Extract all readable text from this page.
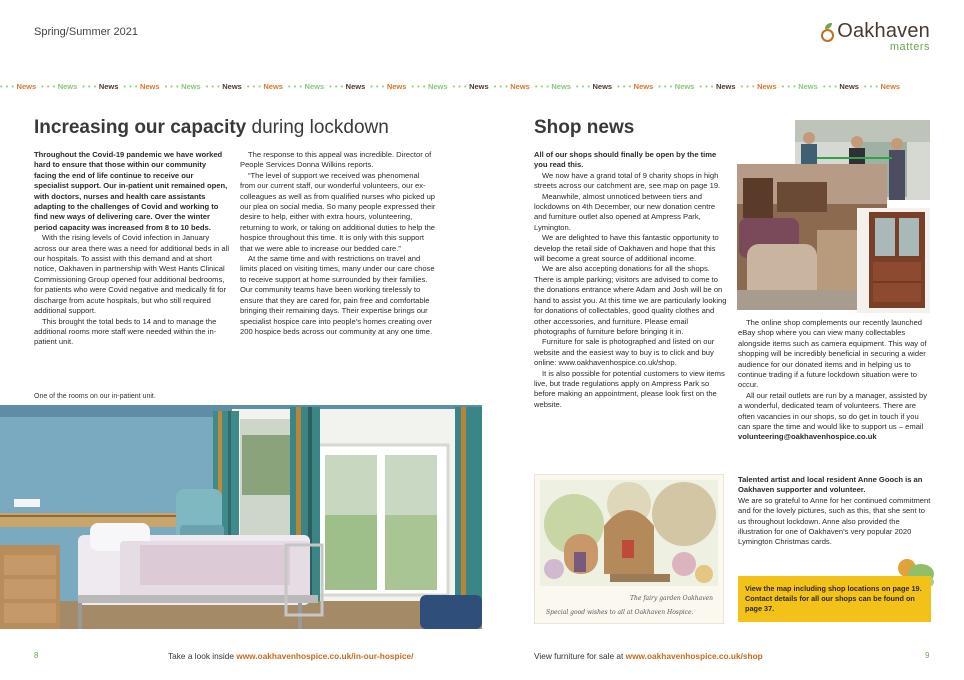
Spring/Summer 2021	Oakhaven
matters
• • • News • • • News • • • News • • • News • • • News • • • News • • • News • • • News • • • News • • • News • • • News • • • News • • • News • • • News • • • News • • • News • • • News • • • News • • • News • • • News • • • News • • • News
Increasing our capacity during lockdown

Throughout the Covid-19 pandemic we have worked hard to ensure that those within our community facing the end of life continue to receive our specialist support. Our in-patient unit remained open, with doctors, nurses and health care assistants adapting to the challenges of Covid and working to find new ways of delivering care. Over the winter period capacity was increased from 8 to 10 beds.

With the rising levels of Covid infection in January across our area there was a need for additional beds in all our hospitals. To assist with this demand and at short notice, Oakhaven in partnership with West Hants Clinical Commissioning Group opened four additional bedrooms, for patients who were Covid negative and medically fit for discharge from acute hospitals, but who still required additional support.

This brought the total beds to 14 and to manage the additional rooms more staff were needed within the in-patient unit.

The response to this appeal was incredible. Director of People Services Donna Wilkins reports.

“The level of support we received was phenomenal from our current staff, our wonderful volunteers, our ex-colleagues as well as from qualified nurses who picked up our plea on social media. So many people expressed their desire to help, either with extra hours, volunteering, returning to work, or taking on additional duties to help the hospice throughout this time. It is only with this support that we were able to increase our bedded care.”

At the same time and with restrictions on travel and limits placed on visiting times, many under our care chose to receive support at home surrounded by their families. Our community teams have been working tirelessly to ensure that they are cared for, pain free and comfortable bringing their remaining days. Their expertise brings our specialist hospice care into people’s homes creating over 200 hospice beds across our community at any one time.

One of the rooms on our in-patient unit.
Shop news

All of our shops should finally be open by the time you read this.

We now have a grand total of 9 charity shops in high streets across our catchment are, see map on page 19.

Meanwhile, almost unnoticed between tiers and lockdowns on 4th December, our new donation centre and furniture outlet also opened at Ampress Park, Lymington.

We are delighted to have this fantastic opportunity to develop the retail side of Oakhaven and hope that this will become a great source of additional income.

We are also accepting donations for all the shops. There is ample parking; visitors are advised to come to the donations entrance where Adam and Josh will be on hand to assist you. At this time we are particularly looking for donations of collectables, good quality clothes and other accessories, and furniture. Please email photographs of furniture before bringing it in.

Furniture for sale is photographed and listed on our website and the easiest way to buy is to click and buy online: www.oakhavenhospice.co.uk/shop.

It is also possible for potential customers to view items live, but trade regulations apply on Ampress Park so before making an appointment, please look first on the website.

The online shop complements our recently launched eBay shop where you can view many collectables alongside items such as camera equipment. This way of shopping will be incredibly beneficial in securing a wider audience for our donated items and in helping us to continue trading if a future lockdown situation were to occur.

All our retail outlets are run by a manager, assisted by a wonderful, dedicated team of volunteers. There are often vacancies in our shops, so do get in touch if you can spare the time and would like to support us – email

volunteering@oakhavenhospice.co.uk

The fairy garden Oakhaven
Special good wishes to all at Oakhaven Hospice.

Talented artist and local resident Anne Gooch is an Oakhaven supporter and volunteer.

We are so grateful to Anne for her continued commitment and for the lovely pictures, such as this, that she sent to us throughout lockdown. Anne also provided the illustration for one of Oakhaven’s very popular 2020 Lymington Christmas cards.

View the map including shop locations on page 19. Contact details for all our shops can be found on page 37.
8	Take a look inside www.oakhavenhospice.co.uk/in-our-hospice/	View furniture for sale at www.oakhavenhospice.co.uk/shop	9
